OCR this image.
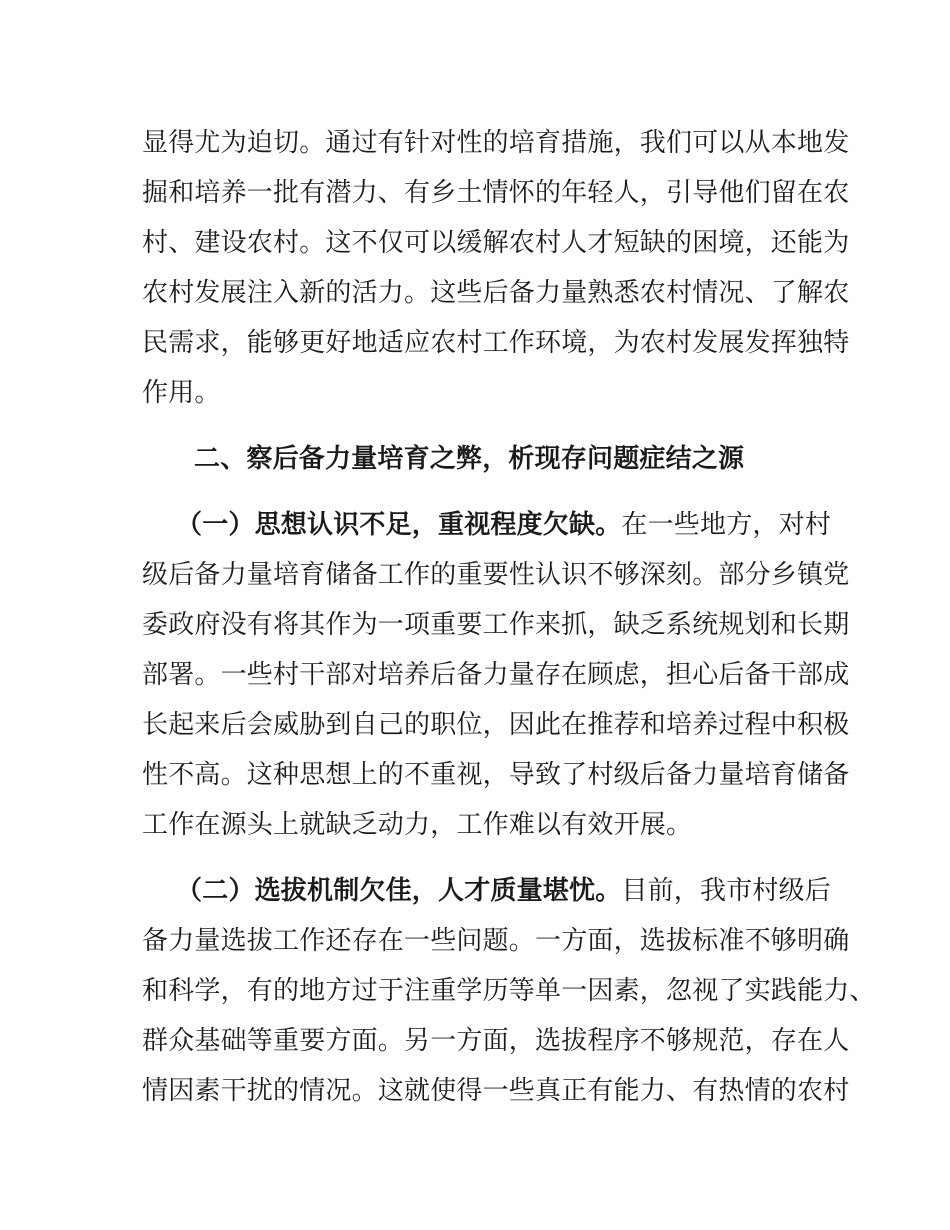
显得尤为迫切。通过有针对性的培育措施，我们可以从本地发
掘和培养一批有潜力、有乡土情怀的年轻人，引导他们留在农
村、建设农村。这不仅可以缓解农村人才短缺的困境，还能为
农村发展注入新的活力。这些后备力量熟悉农村情况、了解农
民需求，能够更好地适应农村工作环境，为农村发展发挥独特
作用。
二、察后备力量培育之弊，析现存问题症结之源
（一）思想认识不足，重视程度欠缺。在一些地方，对村
级后备力量培育储备工作的重要性认识不够深刻。部分乡镇党
委政府没有将其作为一项重要工作来抓，缺乏系统规划和长期
部署。一些村干部对培养后备力量存在顾虑，担心后备干部成
长起来后会威胁到自己的职位，因此在推荐和培养过程中积极
性不高。这种思想上的不重视，导致了村级后备力量培育储备
工作在源头上就缺乏动力，工作难以有效开展。
（二）选拔机制欠佳，人才质量堪忧。目前，我市村级后
备力量选拔工作还存在一些问题。一方面，选拔标准不够明确
和科学，有的地方过于注重学历等单一因素，忽视了实践能力、
群众基础等重要方面。另一方面，选拔程序不够规范，存在人
情因素干扰的情况。这就使得一些真正有能力、有热情的农村
